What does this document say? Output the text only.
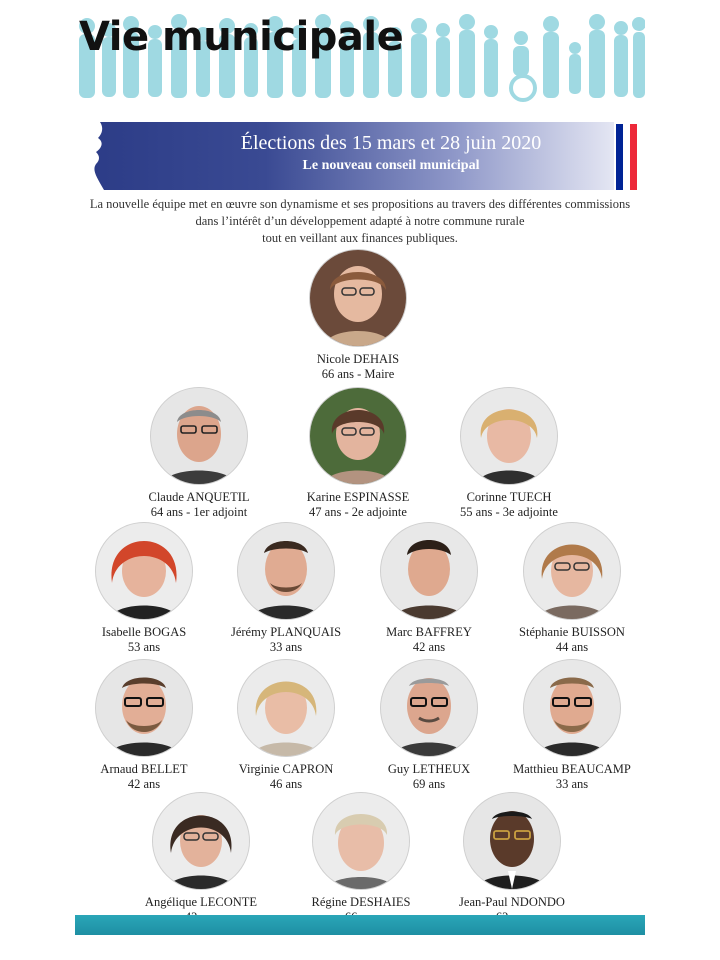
Vie municipale
Élections des 15 mars et 28 juin 2020
Le nouveau conseil municipal

La nouvelle équipe met en œuvre son dynamisme et ses propositions au travers des différentes commissions

dans l’intérêt d’un développement adapté à notre commune rurale

tout en veillant aux finances publiques.

Nicole DEHAIS
66 ans - Maire
Claude ANQUETIL
64 ans - 1er adjoint
Karine ESPINASSE
47 ans - 2e adjointe
Corinne TUECH
55 ans - 3e adjointe
Isabelle BOGAS
53 ans
Jérémy PLANQUAIS
33 ans
Marc BAFFREY
42 ans
Stéphanie BUISSON
44 ans
Arnaud BELLET
42 ans
Virginie CAPRON
46 ans
Guy LETHEUX
69 ans
Matthieu BEAUCAMP
33 ans
Angélique LECONTE	Régine DESHAIES	Jean-Paul NDONDO
